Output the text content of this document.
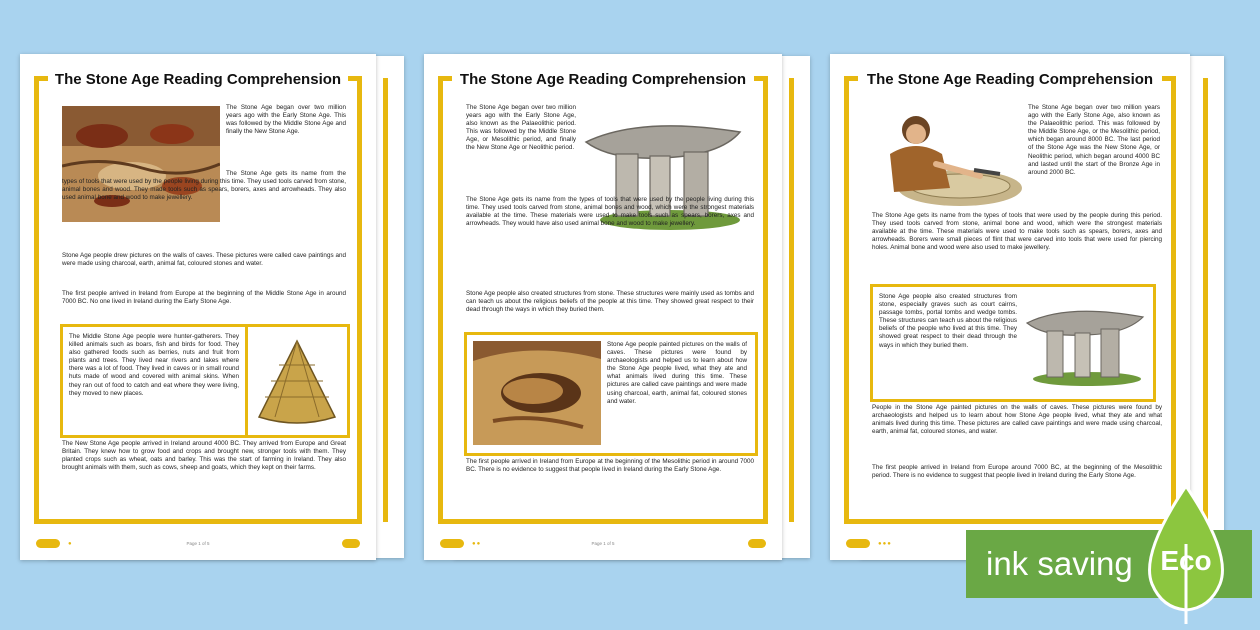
The Stone Age Reading Comprehension
The Stone Age began over two million years ago with the Early Stone Age. This was followed by the Middle Stone Age and finally the New Stone Age.
The Stone Age gets its name from the types of tools that were used by the people living during this time. They used tools carved from stone, animal bones and wood. They made tools such as spears, borers, axes and arrowheads. They also used animal bone and wood to make jewellery.
Stone Age people drew pictures on the walls of caves. These pictures were called cave paintings and were made using charcoal, earth, animal fat, coloured stones and water.
The first people arrived in Ireland from Europe at the beginning of the Middle Stone Age in around 7000 BC. No one lived in Ireland during the Early Stone Age.
The Middle Stone Age people were hunter-gatherers. They killed animals such as boars, fish and birds for food. They also gathered foods such as berries, nuts and fruit from plants and trees. They lived near rivers and lakes where there was a lot of food. They lived in caves or in small round huts made of wood and covered with animal skins. When they ran out of food to catch and eat where they were living, they moved to new places.
The New Stone Age people arrived in Ireland around 4000 BC. They arrived from Europe and Great Britain. They knew how to grow food and crops and brought new, stronger tools with them. They planted crops such as wheat, oats and barley. This was the start of farming in Ireland. They also brought animals with them, such as cows, sheep and goats, which they kept on their farms.
●	Page 1 of 5
The Stone Age Reading Comprehension
The Stone Age began over two million years ago with the Early Stone Age, also known as the Palaeolithic period. This was followed by the Middle Stone Age, or Mesolithic period, and finally the New Stone Age or Neolithic period.
The Stone Age gets its name from the types of tools that were used by the people living during this time. They used tools carved from stone, animal bones and wood, which were the strongest materials available at the time. These materials were used to make tools such as spears, borers, axes and arrowheads. They would have also used animal bone and wood to make jewellery.
Stone Age people also created structures from stone. These structures were mainly used as tombs and can teach us about the religious beliefs of the people at this time. They showed great respect to their dead through the ways in which they buried them.
Stone Age people painted pictures on the walls of caves. These pictures were found by archaeologists and helped us to learn about how the Stone Age people lived, what they ate and what animals lived during this time. These pictures are called cave paintings and were made using charcoal, earth, animal fat, coloured stones and water.
The first people arrived in Ireland from Europe at the beginning of the Mesolithic period in around 7000 BC. There is no evidence to suggest that people lived in Ireland during the Early Stone Age.
●●	Page 1 of 5
The Stone Age Reading Comprehension
The Stone Age began over two million years ago with the Early Stone Age, also known as the Palaeolithic period. This was followed by the Middle Stone Age, or the Mesolithic period, which began around 8000 BC. The last period of the Stone Age was the New Stone Age, or Neolithic period, which began around 4000 BC and lasted until the start of the Bronze Age in around 2000 BC.
The Stone Age gets its name from the types of tools that were used by the people during this period. They used tools carved from stone, animal bone and wood, which were the strongest materials available at the time. These materials were used to make tools such as spears, borers, axes and arrowheads. Borers were small pieces of flint that were carved into tools that were used for piercing holes. Animal bone and wood were also used to make jewellery.
Stone Age people also created structures from stone, especially graves such as court cairns, passage tombs, portal tombs and wedge tombs. These structures can teach us about the religious beliefs of the people who lived at this time. They showed great respect to their dead through the ways in which they buried them.
People in the Stone Age painted pictures on the walls of caves. These pictures were found by archaeologists and helped us to learn about how Stone Age people lived, what they ate and what animals lived during this time. These pictures are called cave paintings and were made using charcoal, earth, animal fat, coloured stones, and water.
The first people arrived in Ireland from Europe around 7000 BC, at the beginning of the Mesolithic period. There is no evidence to suggest that people lived in Ireland during the Early Stone Age.
●●●
ink saving Eco
